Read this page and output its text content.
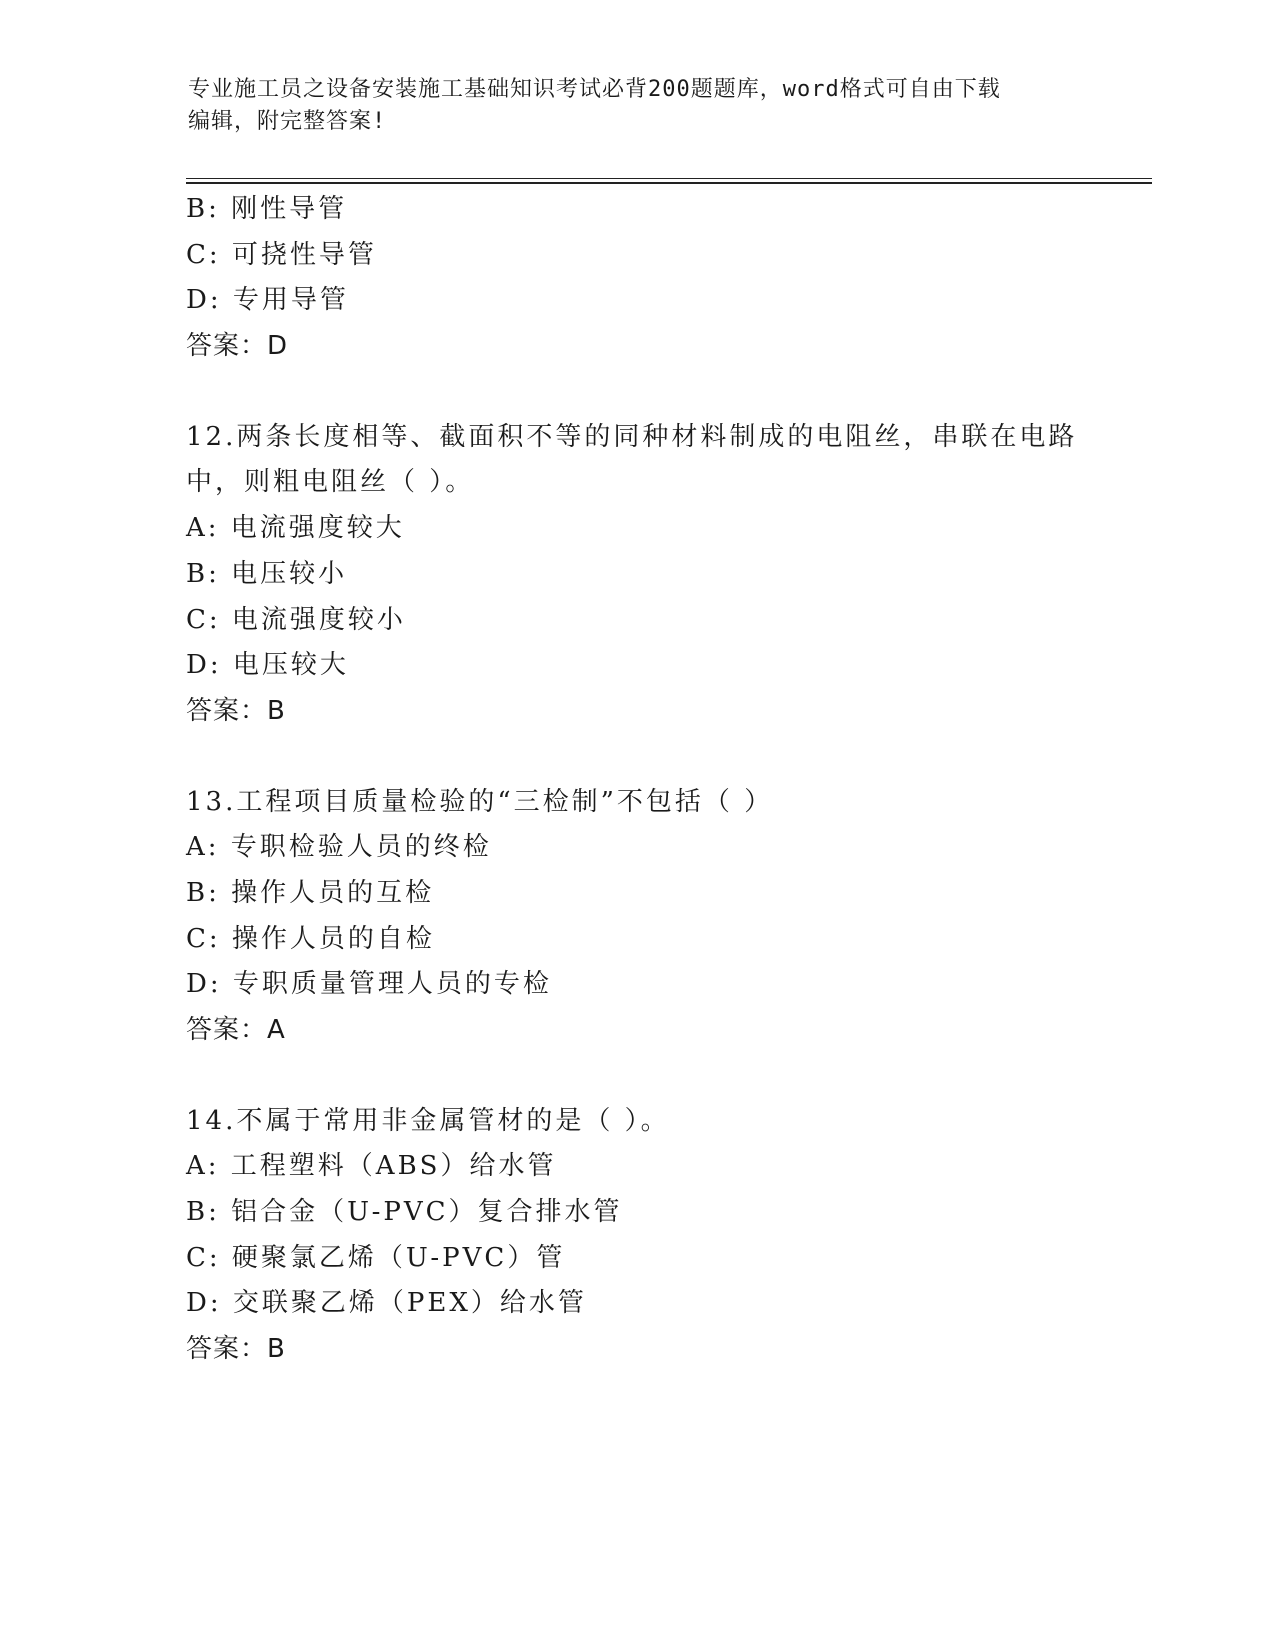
专业施工员之设备安装施工基础知识考试必背200题题库，word格式可自由下载
编辑，附完整答案!
B: 刚性导管
C: 可挠性导管
D: 专用导管
答案：D
12.两条长度相等、截面积不等的同种材料制成的电阻丝，串联在电路
中，则粗电阻丝（ ）。
A: 电流强度较大
B: 电压较小
C: 电流强度较小
D: 电压较大
答案：B
13.工程项目质量检验的“三检制”不包括（ ）
A: 专职检验人员的终检
B: 操作人员的互检
C: 操作人员的自检
D: 专职质量管理人员的专检
答案：A
14.不属于常用非金属管材的是（ ）。
A: 工程塑料（ABS）给水管
B: 铝合金（U-PVC）复合排水管
C: 硬聚氯乙烯（U-PVC）管
D: 交联聚乙烯（PEX）给水管
答案：B
